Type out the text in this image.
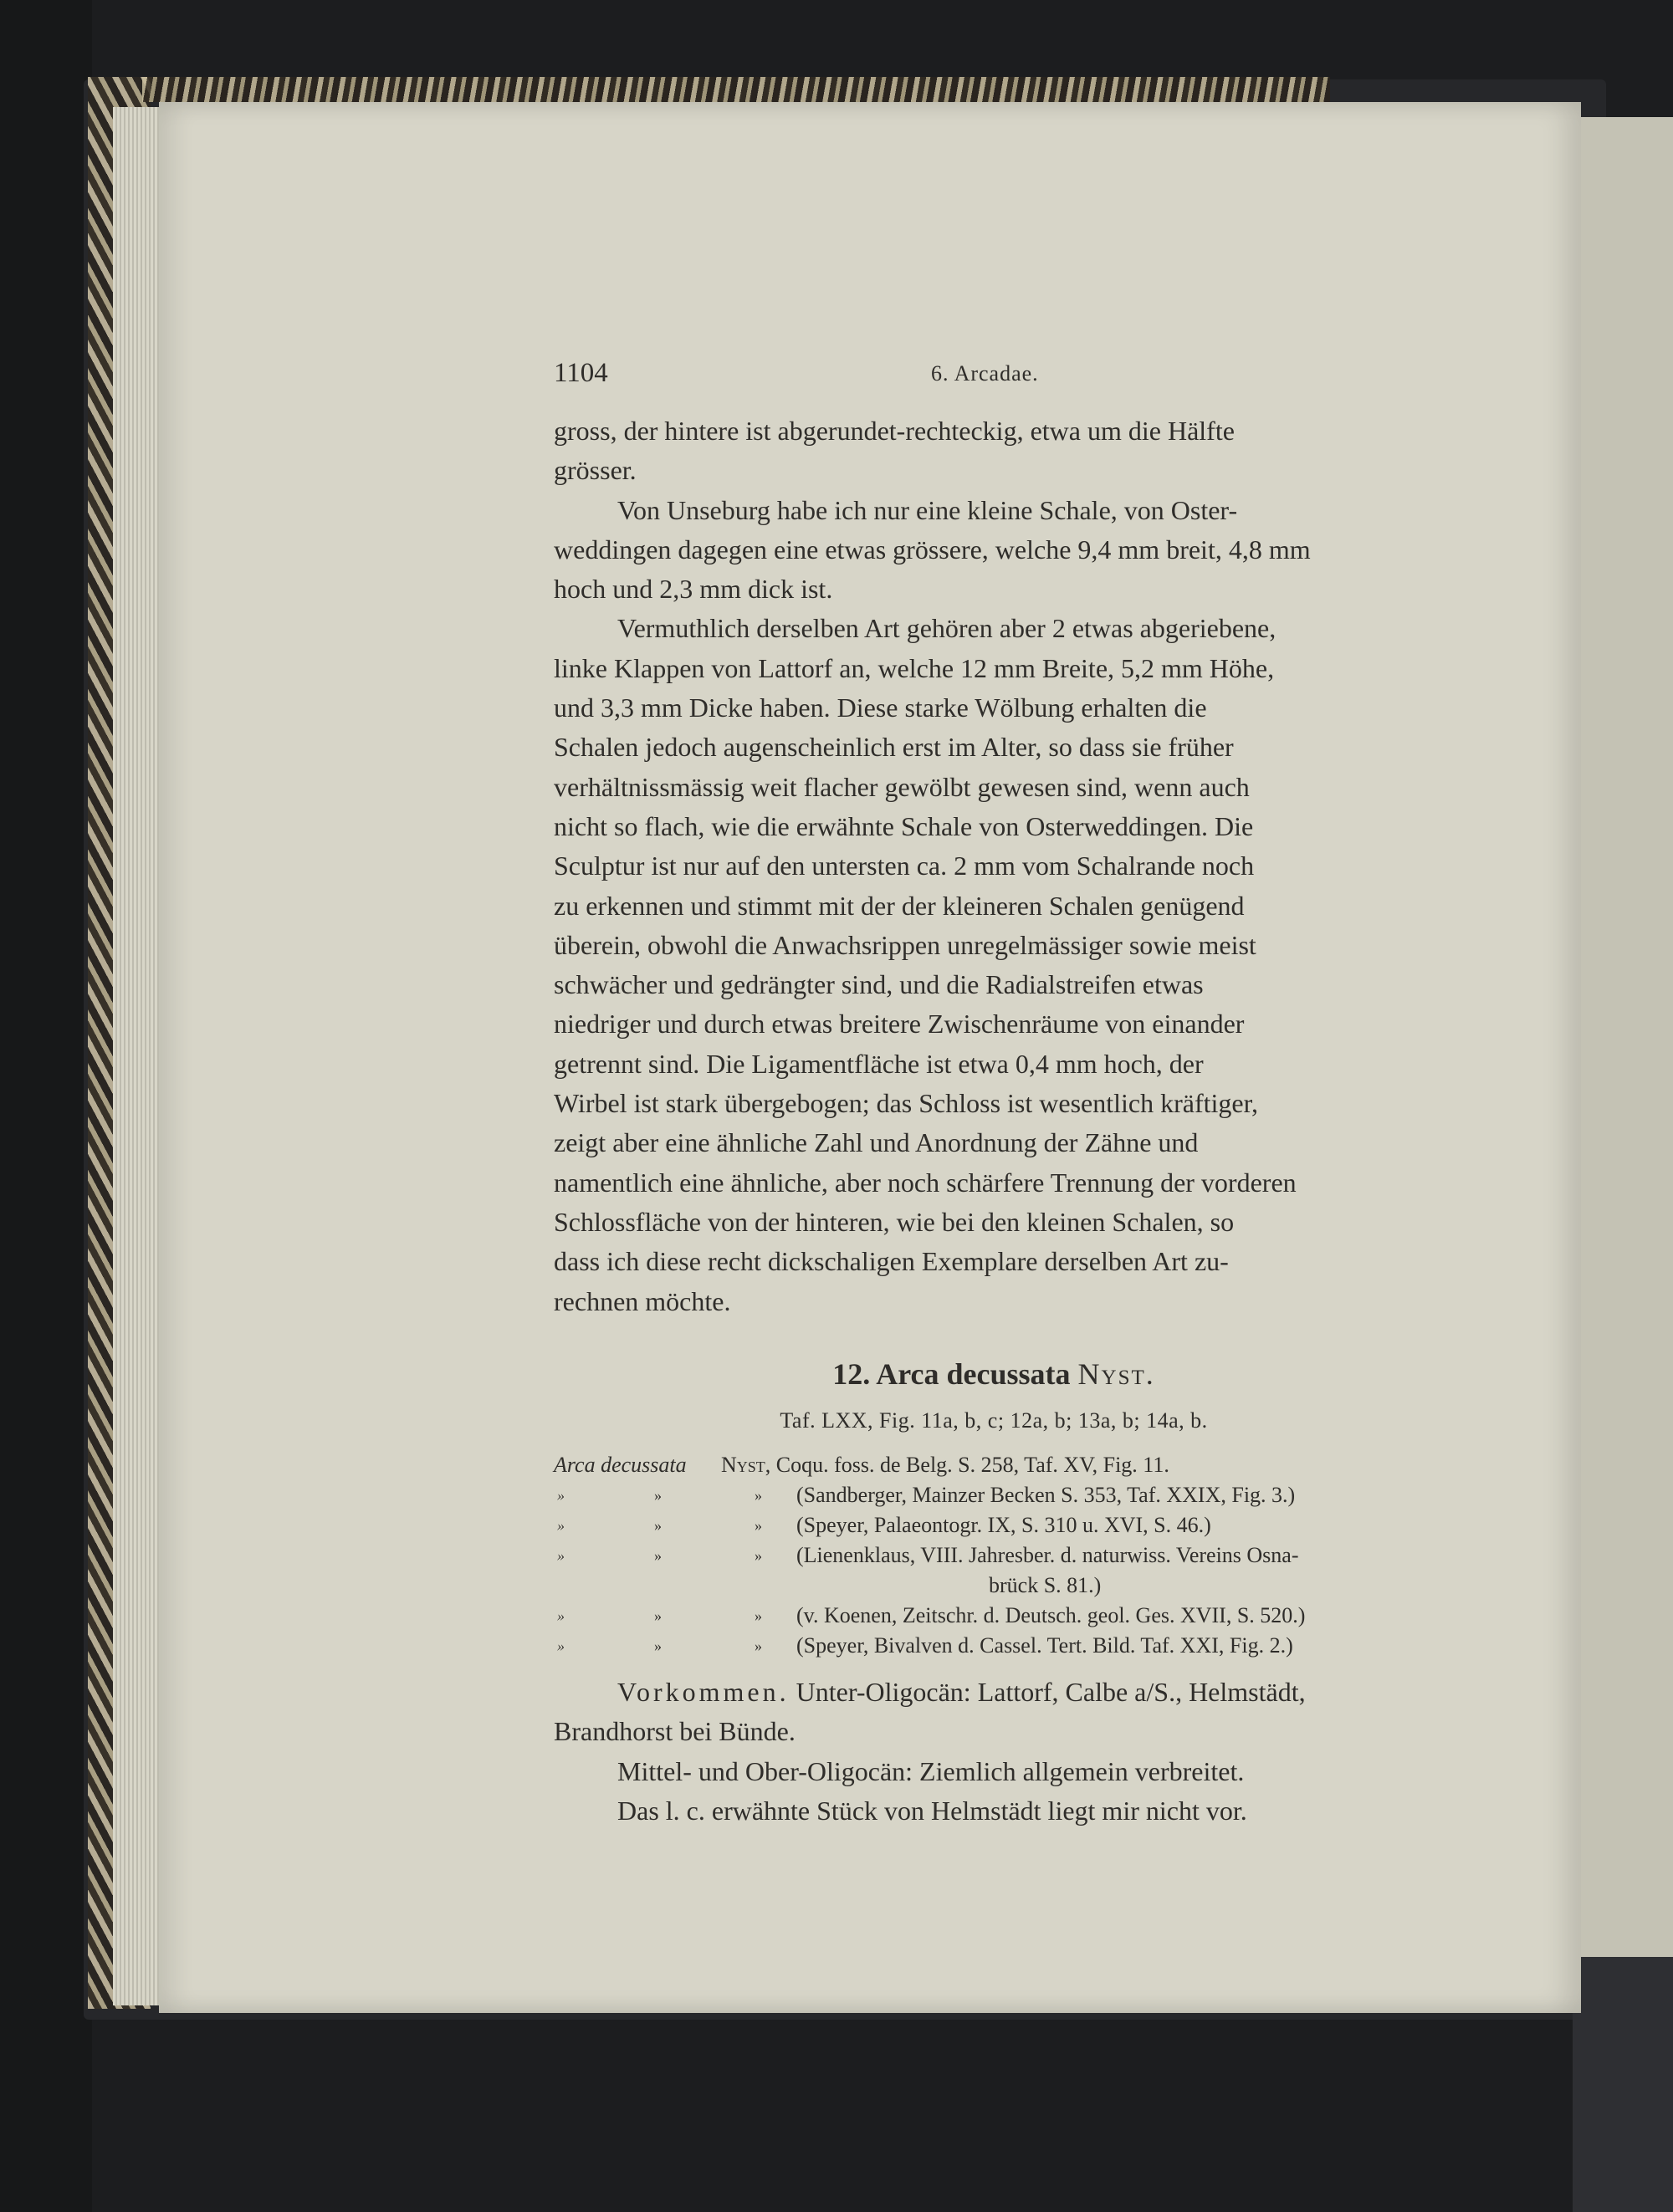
1104	6. Arcadae.

gross, der hintere ist abgerundet-rechteckig, etwa um die Hälfte

grösser.

Von Unseburg habe ich nur eine kleine Schale, von Oster-

weddingen dagegen eine etwas grössere, welche 9,4 mm breit, 4,8 mm

hoch und 2,3 mm dick ist.

Vermuthlich derselben Art gehören aber 2 etwas abgeriebene,

linke Klappen von Lattorf an, welche 12 mm Breite, 5,2 mm Höhe,

und 3,3 mm Dicke haben. Diese starke Wölbung erhalten die

Schalen jedoch augenscheinlich erst im Alter, so dass sie früher

verhältnissmässig weit flacher gewölbt gewesen sind, wenn auch

nicht so flach, wie die erwähnte Schale von Osterweddingen. Die

Sculptur ist nur auf den untersten ca. 2 mm vom Schalrande noch

zu erkennen und stimmt mit der der kleineren Schalen genügend

überein, obwohl die Anwachsrippen unregelmässiger sowie meist

schwächer und gedrängter sind, und die Radialstreifen etwas

niedriger und durch etwas breitere Zwischenräume von einander

getrennt sind. Die Ligamentfläche ist etwa 0,4 mm hoch, der

Wirbel ist stark übergebogen; das Schloss ist wesentlich kräftiger,

zeigt aber eine ähnliche Zahl und Anordnung der Zähne und

namentlich eine ähnliche, aber noch schärfere Trennung der vorderen

Schlossfläche von der hinteren, wie bei den kleinen Schalen, so

dass ich diese recht dickschaligen Exemplare derselben Art zu-

rechnen möchte.

12. Arca decussata Nyst.
Taf. LXX, Fig. 11a, b, c; 12a, b; 13a, b; 14a, b.
Arca decussata	Nyst, Coqu. foss. de Belg. S. 258, Taf. XV, Fig. 11.
»	»	»	(Sandberger, Mainzer Becken S. 353, Taf. XXIX, Fig. 3.)
»	»	»	(Speyer, Palaeontogr. IX, S. 310 u. XVI, S. 46.)
»	»	»	(Lienenklaus, VIII. Jahresber. d. naturwiss. Vereins Osna-
brück S. 81.)
»	»	»	(v. Koenen, Zeitschr. d. Deutsch. geol. Ges. XVII, S. 520.)
»	»	»	(Speyer, Bivalven d. Cassel. Tert. Bild. Taf. XXI, Fig. 2.)

Vorkommen. Unter-Oligocän: Lattorf, Calbe a/S., Helmstädt,

Brandhorst bei Bünde.

Mittel- und Ober-Oligocän: Ziemlich allgemein verbreitet.

Das l. c. erwähnte Stück von Helmstädt liegt mir nicht vor.
